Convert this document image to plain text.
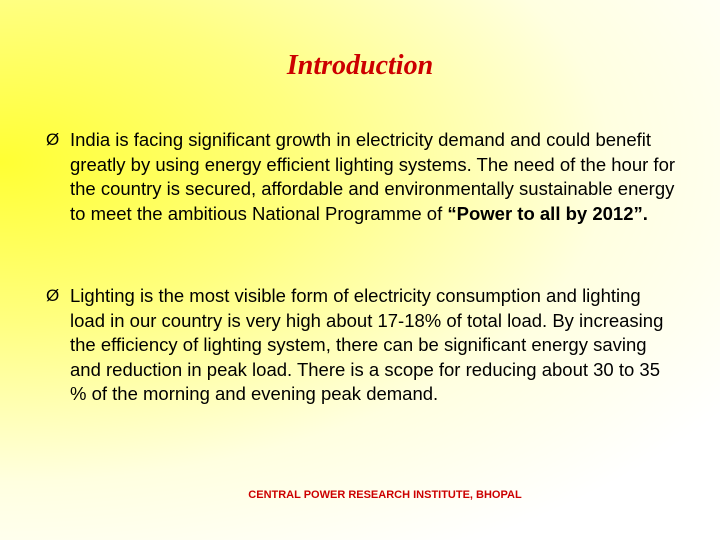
Introduction
Ø India is facing significant growth in electricity demand and could benefit greatly by using energy efficient lighting systems. The need of the hour for the country is secured, affordable and environmentally sustainable energy to meet the ambitious National Programme of “Power to all by 2012”.
Ø Lighting is the most visible form of electricity consumption and lighting load in our country is very high about 17-18% of total load. By increasing the efficiency of lighting system, there can be significant energy saving and reduction in peak load. There is a scope for reducing about 30 to 35 % of the morning and evening peak demand.
CENTRAL POWER RESEARCH INSTITUTE, BHOPAL
